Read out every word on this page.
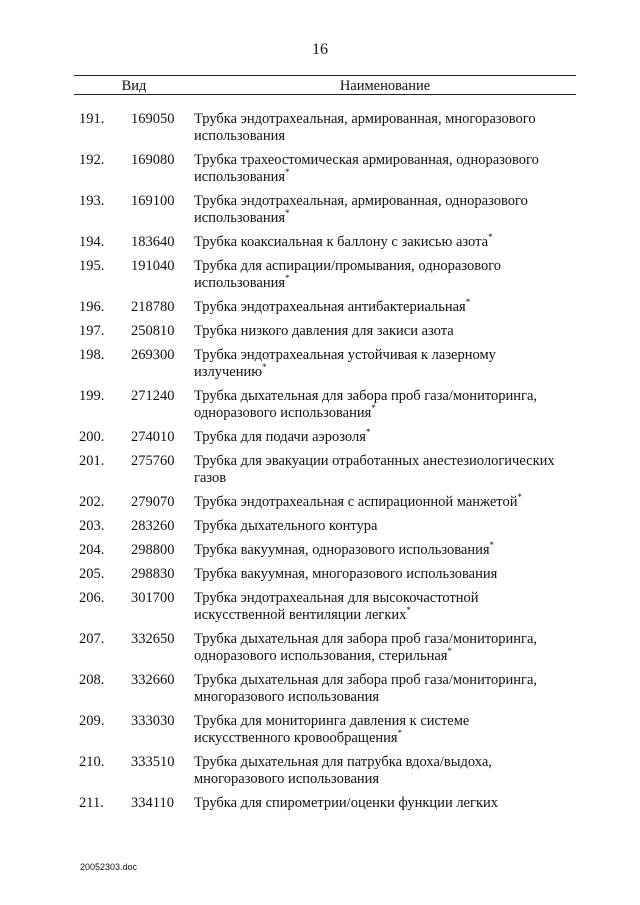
16
Вид	Наименование
191.	169050	Трубка эндотрахеальная, армированная, многоразового использования
192.	169080	Трубка трахеостомическая армированная, одноразового использования*
193.	169100	Трубка эндотрахеальная, армированная, одноразового использования*
194.	183640	Трубка коаксиальная к баллону с закисью азота*
195.	191040	Трубка для аспирации/промывания, одноразового использования*
196.	218780	Трубка эндотрахеальная антибактериальная*
197.	250810	Трубка низкого давления для закиси азота
198.	269300	Трубка эндотрахеальная устойчивая к лазерному излучению*
199.	271240	Трубка дыхательная для забора проб газа/мониторинга, одноразового использования*
200.	274010	Трубка для подачи аэрозоля*
201.	275760	Трубка для эвакуации отработанных анестезиологических газов
202.	279070	Трубка эндотрахеальная с аспирационной манжетой*
203.	283260	Трубка дыхательного контура
204.	298800	Трубка вакуумная, одноразового использования*
205.	298830	Трубка вакуумная, многоразового использования
206.	301700	Трубка эндотрахеальная для высокочастотной искусственной вентиляции легких*
207.	332650	Трубка дыхательная для забора проб газа/мониторинга, одноразового использования, стерильная*
208.	332660	Трубка дыхательная для забора проб газа/мониторинга, многоразового использования
209.	333030	Трубка для мониторинга давления к системе искусственного кровообращения*
210.	333510	Трубка дыхательная для патрубка вдоха/выдоха, многоразового использования
211.	334110	Трубка для спирометрии/оценки функции легких
20052303.doc
